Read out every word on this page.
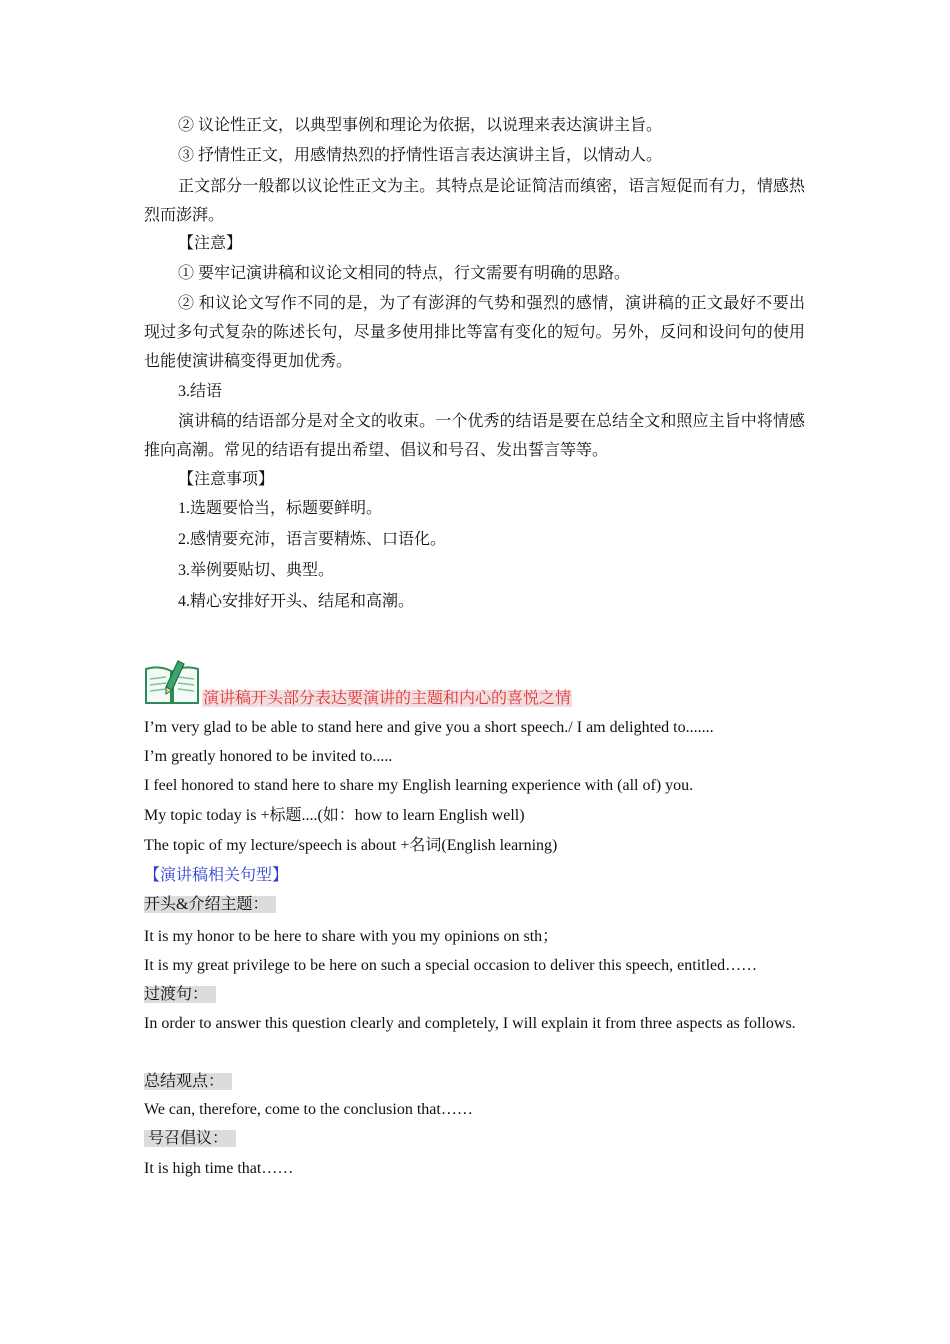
② 议论性正文，以典型事例和理论为依据，以说理来表达演讲主旨。
③ 抒情性正文，用感情热烈的抒情性语言表达演讲主旨，以情动人。
正文部分一般都以议论性正文为主。其特点是论证简洁而缜密，语言短促而有力，情感热烈而澎湃。
【注意】
① 要牢记演讲稿和议论文相同的特点，行文需要有明确的思路。
② 和议论文写作不同的是，为了有澎湃的气势和强烈的感情，演讲稿的正文最好不要出现过多句式复杂的陈述长句，尽量多使用排比等富有变化的短句。另外，反问和设问句的使用也能使演讲稿变得更加优秀。
3.结语
演讲稿的结语部分是对全文的收束。一个优秀的结语是要在总结全文和照应主旨中将情感推向高潮。常见的结语有提出希望、倡议和号召、发出誓言等等。
【注意事项】
1.选题要恰当，标题要鲜明。
2.感情要充沛，语言要精炼、口语化。
3.举例要贴切、典型。
4.精心安排好开头、结尾和高潮。
演讲稿开头部分表达要演讲的主题和内心的喜悦之情
I’m very glad to be able to stand here and give you a short speech./ I am delighted to.......
I’m greatly honored to be invited to.....
I feel honored to stand here to share my English learning experience with (all of) you.
My topic today is +标题....(如：how to learn English well)
The topic of my lecture/speech is about +名词(English learning)
【演讲稿相关句型】
开头&介绍主题：
It is my honor to be here to share with you my opinions on sth；
It is my great privilege to be here on such a special occasion to deliver this speech, entitled……
过渡句：
In order to answer this question clearly and completely, I will explain it from three aspects as follows.
总结观点：
We can, therefore, come to the conclusion that……
号召倡议：
It is high time that……
